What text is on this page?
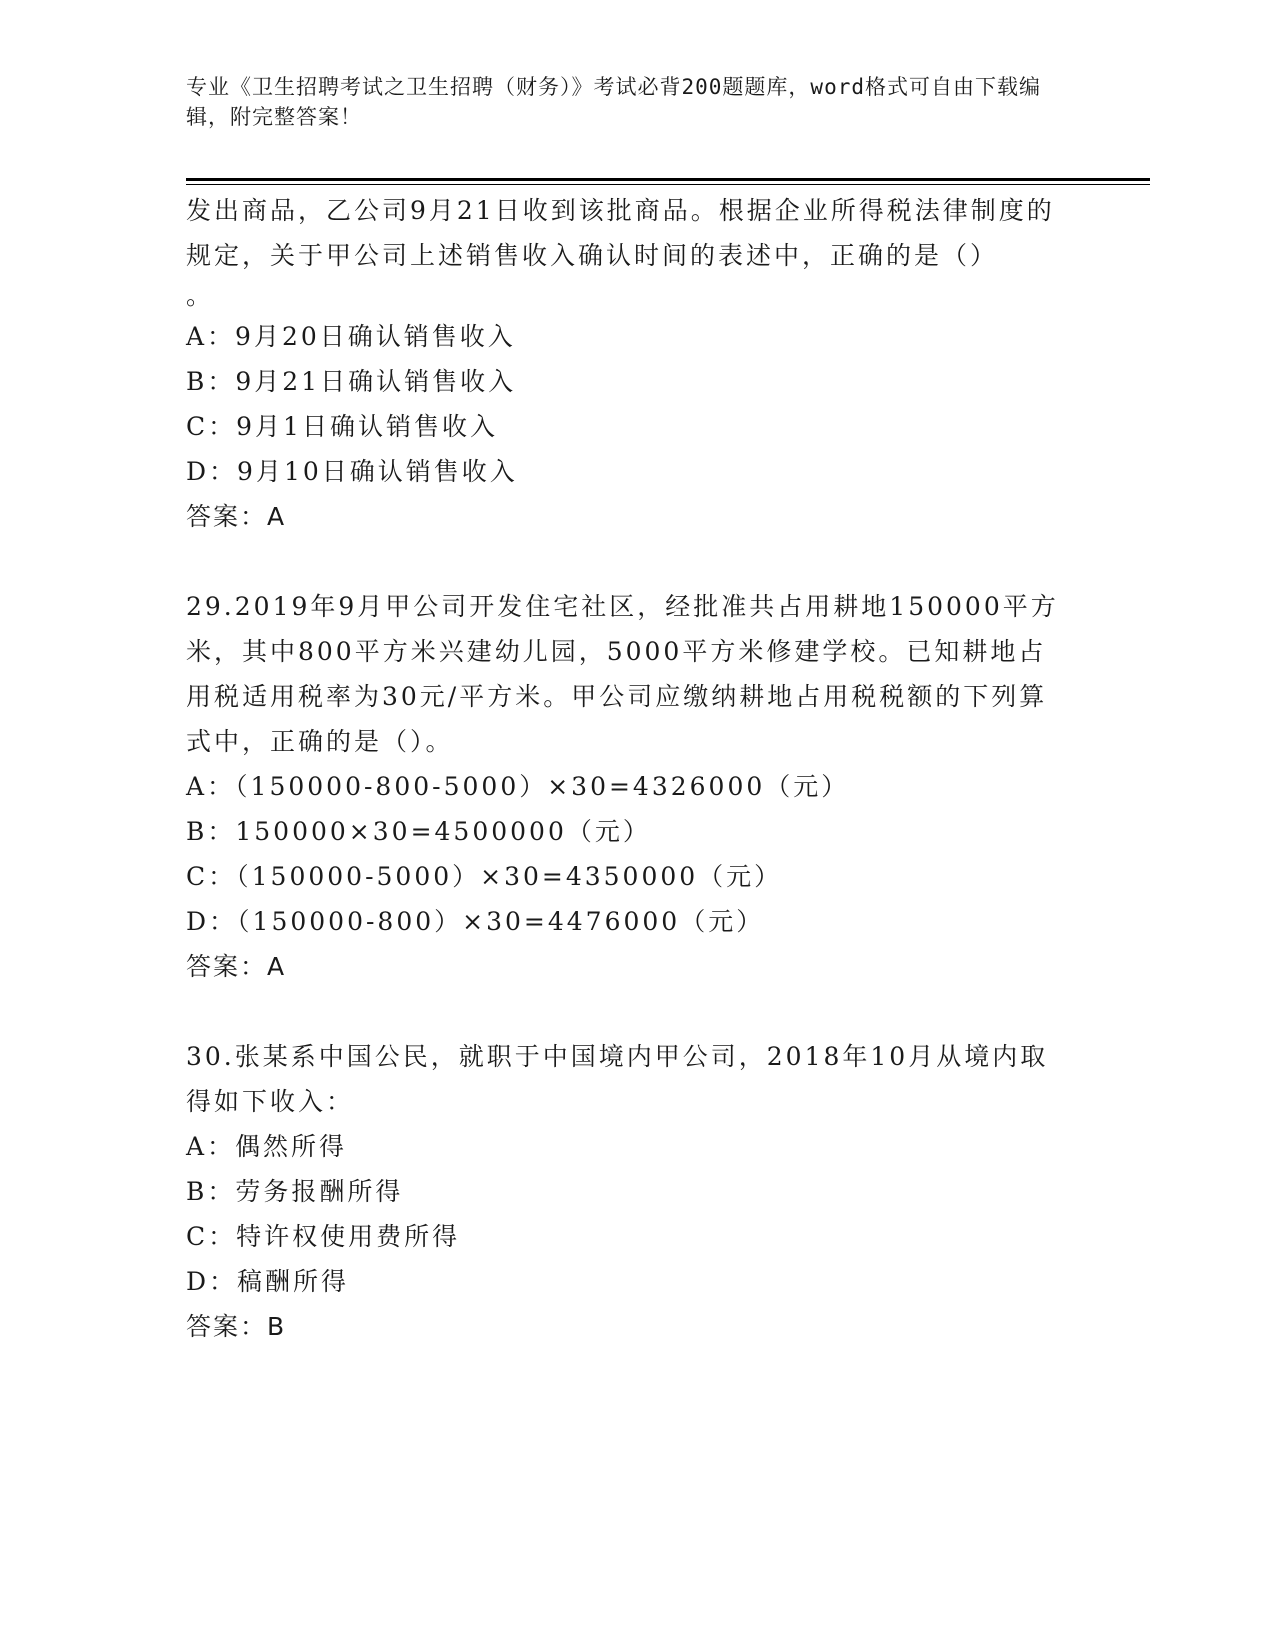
专业《卫生招聘考试之卫生招聘（财务）》考试必背200题题库，word格式可自由下载编辑，附完整答案！

发出商品，乙公司9月21日收到该批商品。根据企业所得税法律制度的规定，关于甲公司上述销售收入确认时间的表述中，正确的是（）

。

A：9月20日确认销售收入

B：9月21日确认销售收入

C：9月1日确认销售收入

D：9月10日确认销售收入

答案：A

29.2019年9月甲公司开发住宅社区，经批准共占用耕地150000平方米，其中800平方米兴建幼儿园，5000平方米修建学校。已知耕地占用税适用税率为30元/平方米。甲公司应缴纳耕地占用税税额的下列算式中，正确的是（）。

A：（150000-800-5000）×30=4326000（元）

B：150000×30=4500000（元）

C：（150000-5000）×30=4350000（元）

D：（150000-800）×30=4476000（元）

答案：A

30.张某系中国公民，就职于中国境内甲公司，2018年10月从境内取得如下收入：

A：偶然所得

B：劳务报酬所得

C：特许权使用费所得

D：稿酬所得

答案：B
